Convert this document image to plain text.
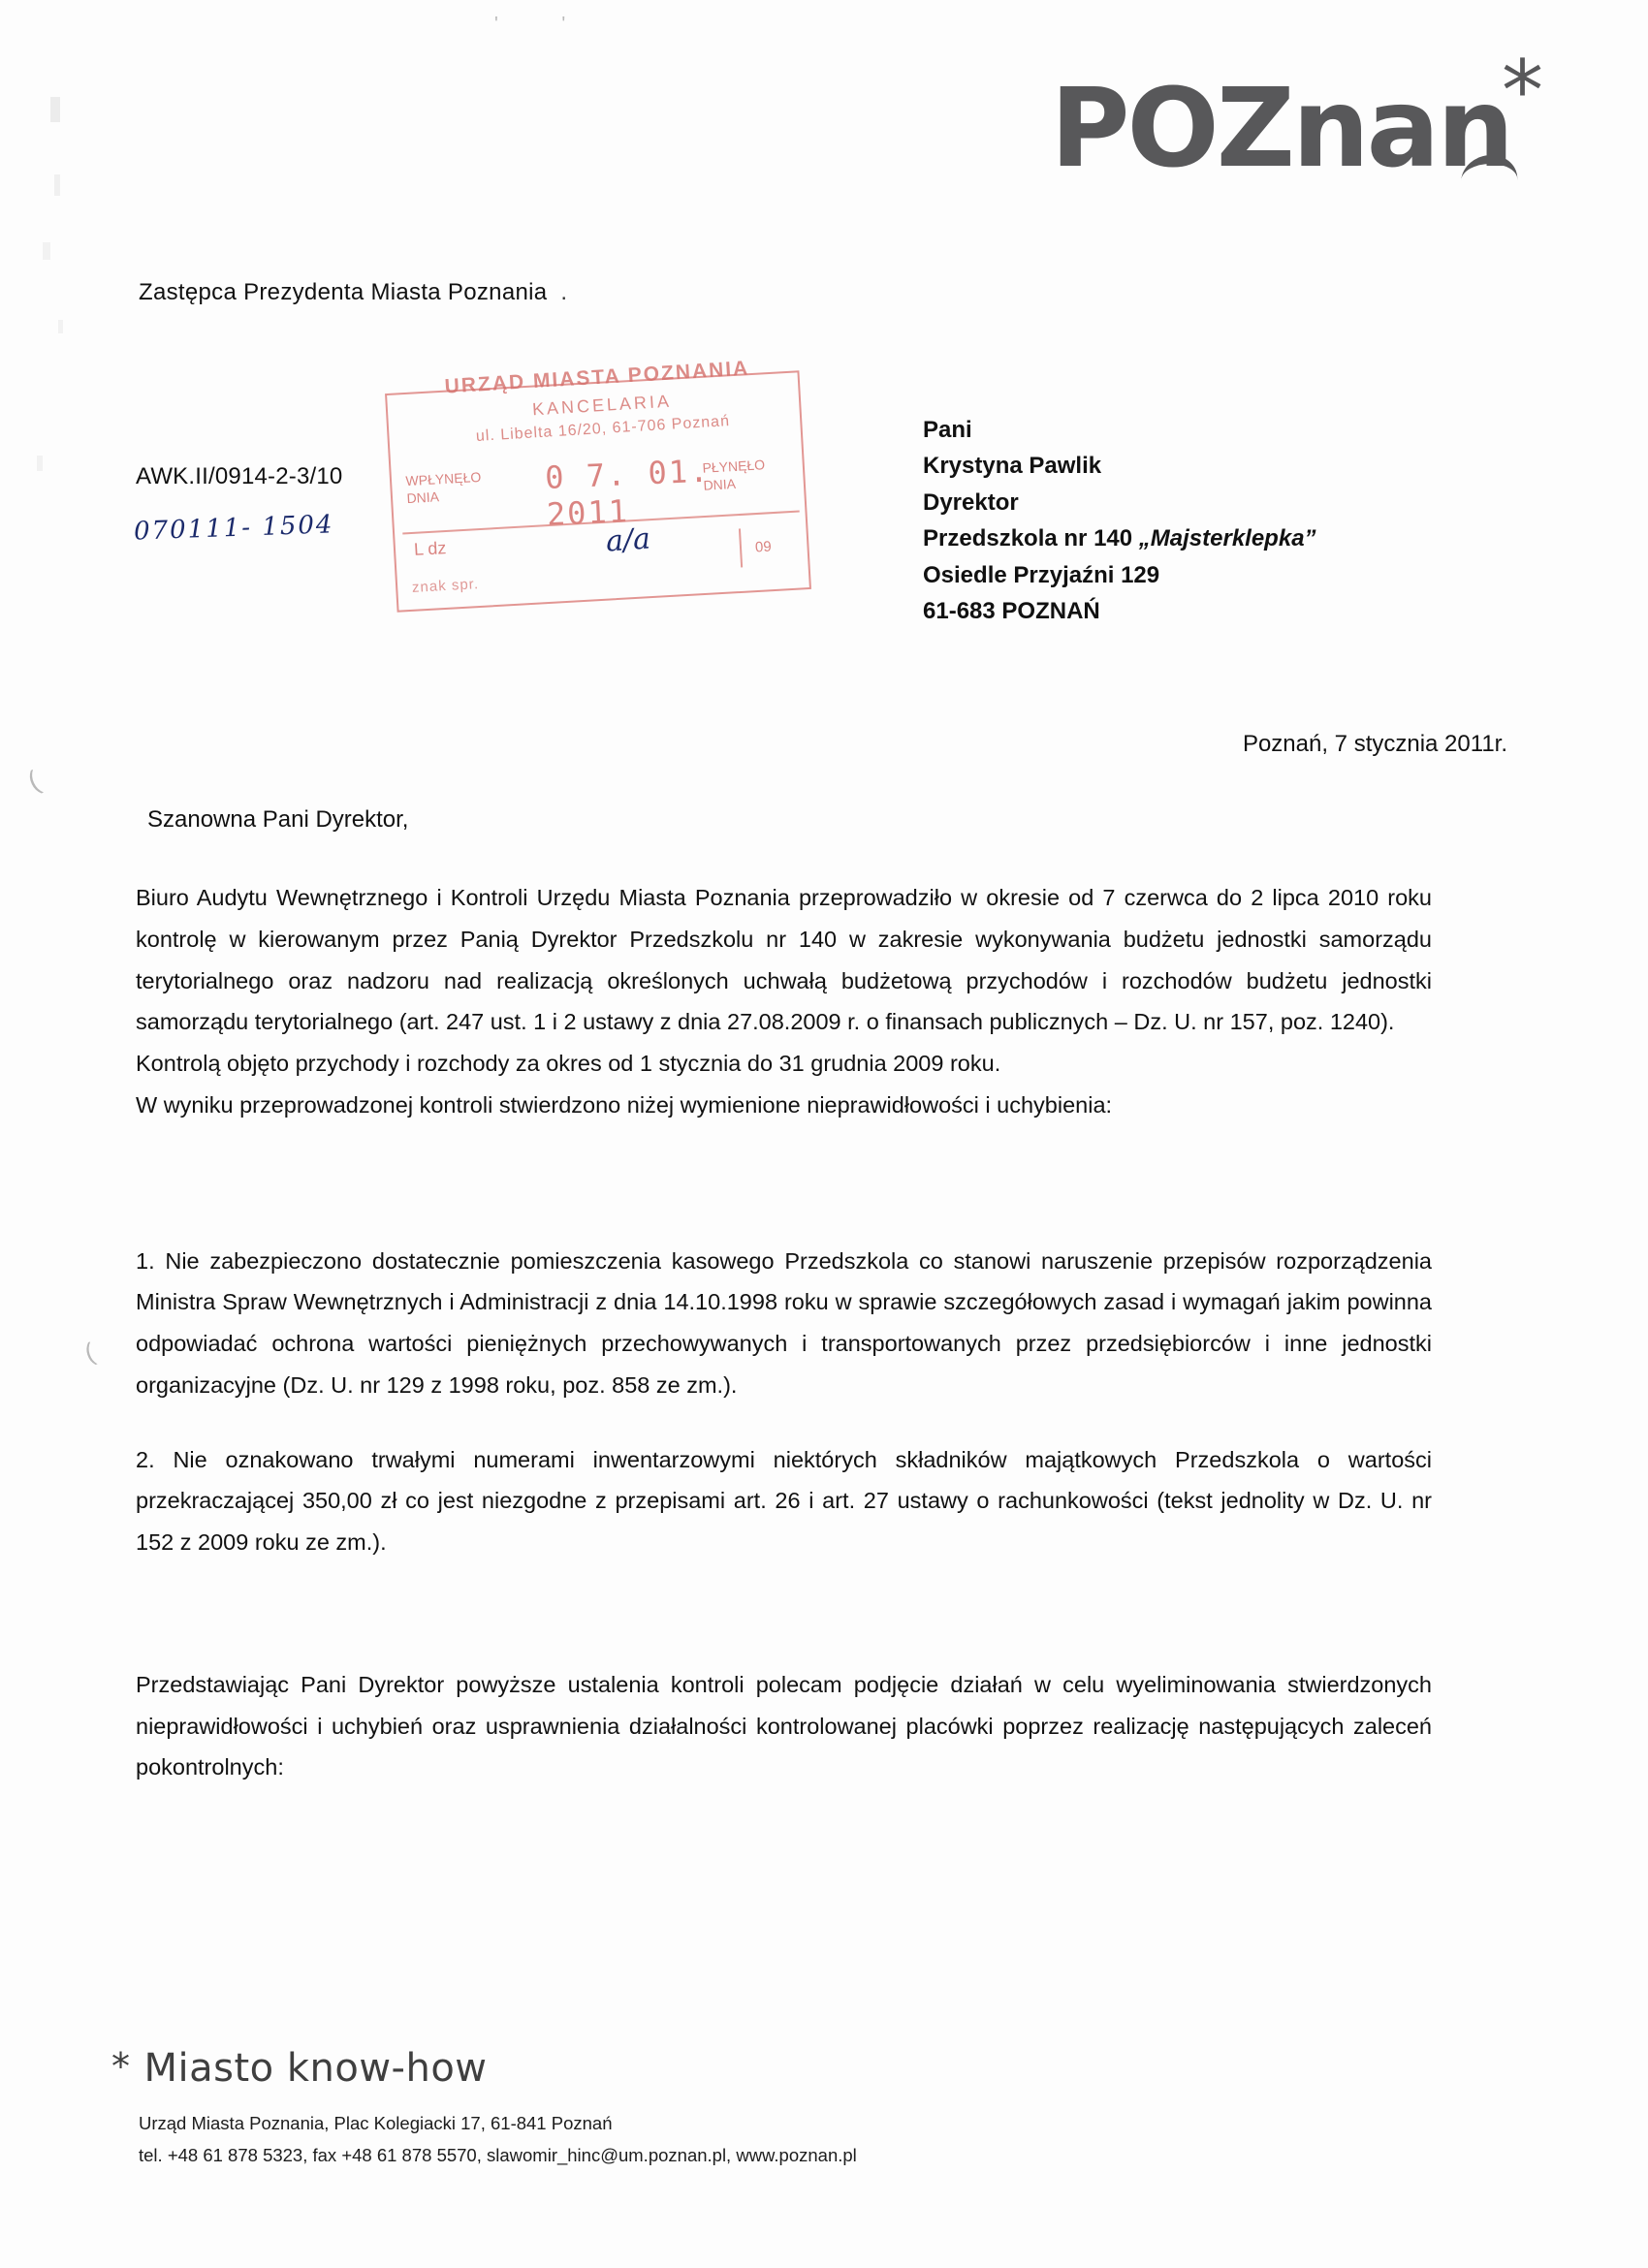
(
(
' '
POZnan
*
Zastępca Prezydenta Miasta Poznania .
AWK.II/0914-2-3/10
070111- 1504
URZĄD MIASTA POZNANIA
KANCELARIA
ul. Libelta 16/20, 61-706 Poznań
WPŁYNĘŁO
DNIA
0 7. 01. 2011
PŁYNĘŁO
DNIA
L dz	09
znak spr.
a/a
Pani
Krystyna Pawlik
Dyrektor
Przedszkola nr 140 „Majsterklepka”
Osiedle Przyjaźni 129
61-683 POZNAŃ
Poznań, 7 stycznia 2011r.
Szanowna Pani Dyrektor,

Biuro Audytu Wewnętrznego i Kontroli Urzędu Miasta Poznania przeprowadziło w okresie od 7 czerwca do 2 lipca 2010 roku kontrolę w kierowanym przez Panią Dyrektor Przedszkolu nr 140 w zakresie wykonywania budżetu jednostki samorządu terytorialnego oraz nadzoru nad realizacją określonych uchwałą budżetową przychodów i rozchodów budżetu jednostki samorządu terytorialnego (art. 247 ust. 1 i 2 ustawy z dnia 27.08.2009 r. o finansach publicznych – Dz. U. nr 157, poz. 1240).

Kontrolą objęto przychody i rozchody za okres od 1 stycznia do 31 grudnia 2009 roku.

W wyniku przeprowadzonej kontroli stwierdzono niżej wymienione nieprawidłowości i uchybienia:

1. Nie zabezpieczono dostatecznie pomieszczenia kasowego Przedszkola co stanowi naruszenie przepisów rozporządzenia Ministra Spraw Wewnętrznych i Administracji z dnia 14.10.1998 roku w sprawie szczegółowych zasad i wymagań jakim powinna odpowiadać ochrona wartości pieniężnych przechowywanych i transportowanych przez przedsiębiorców i inne jednostki organizacyjne (Dz. U. nr 129 z 1998 roku, poz. 858 ze zm.).

2. Nie oznakowano trwałymi numerami inwentarzowymi niektórych składników majątkowych Przedszkola o wartości przekraczającej 350,00 zł co jest niezgodne z przepisami art. 26 i art. 27 ustawy o rachunkowości (tekst jednolity w Dz. U. nr 152 z 2009 roku ze zm.).

Przedstawiając Pani Dyrektor powyższe ustalenia kontroli polecam podjęcie działań w celu wyeliminowania stwierdzonych nieprawidłowości i uchybień oraz usprawnienia działalności kontrolowanej placówki poprzez realizację następujących zaleceń pokontrolnych:

* Miasto know-how
Urząd Miasta Poznania, Plac Kolegiacki 17, 61-841 Poznań
tel. +48 61 878 5323, fax +48 61 878 5570, slawomir_hinc@um.poznan.pl, www.poznan.pl
